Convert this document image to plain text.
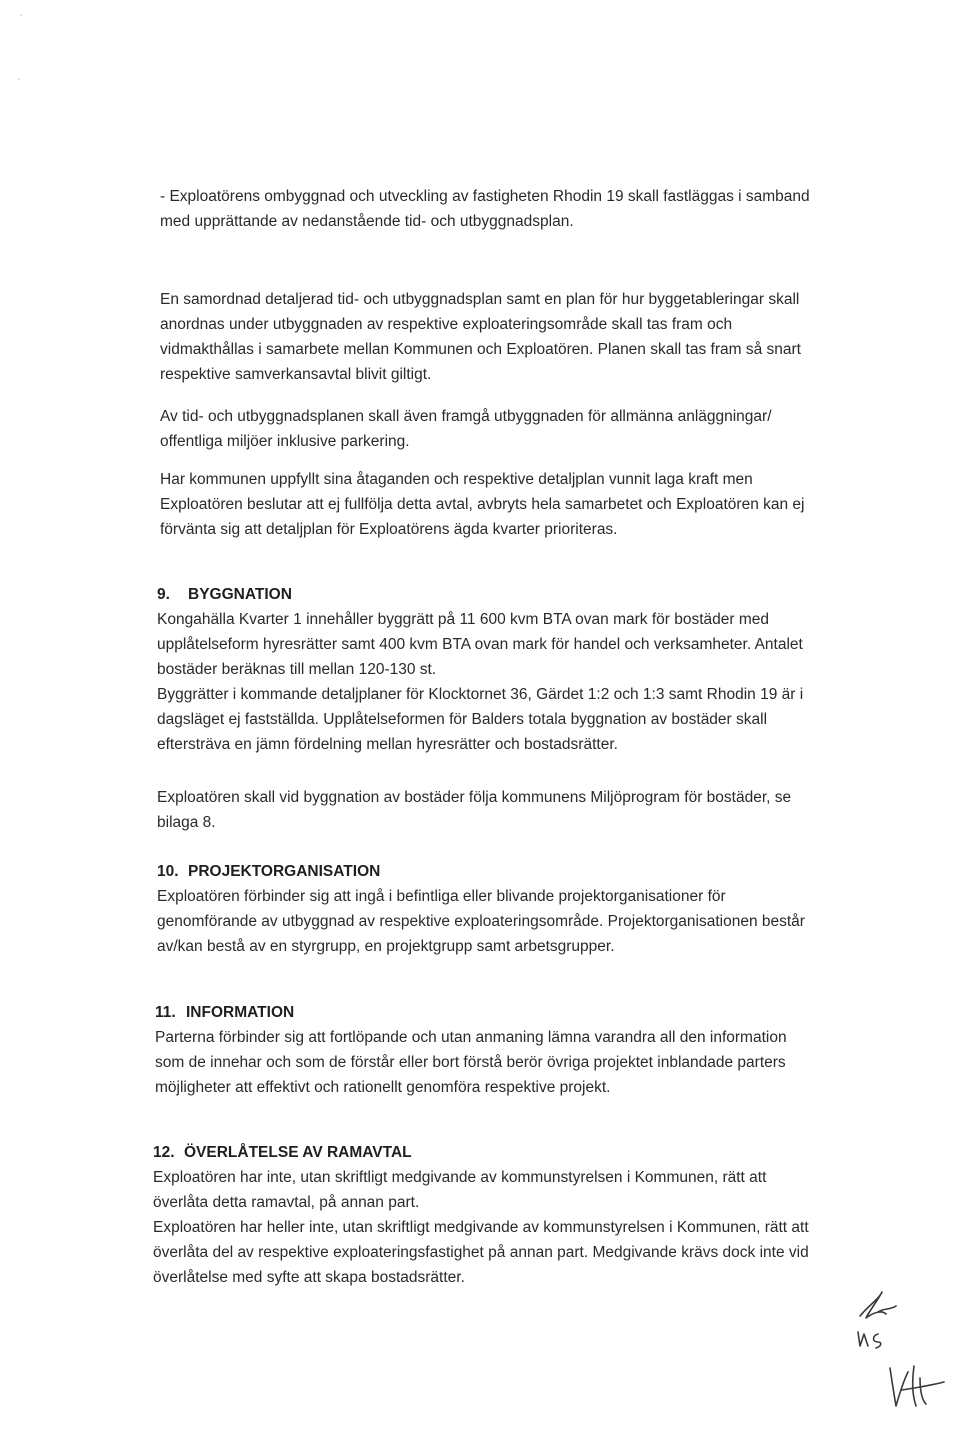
- Exploatörens ombyggnad och utveckling av fastigheten Rhodin 19 skall fastläggas i samband
med upprättande av nedanstående tid- och utbyggnadsplan.

En samordnad detaljerad tid- och utbyggnadsplan samt en plan för hur byggetableringar skall
anordnas under utbyggnaden av respektive exploateringsområde skall tas fram och
vidmakthållas i samarbete mellan Kommunen och Exploatören. Planen skall tas fram så snart
respektive samverkansavtal blivit giltigt.

Av tid- och utbyggnadsplanen skall även framgå utbyggnaden för allmänna anläggningar/
offentliga miljöer inklusive parkering.

Har kommunen uppfyllt sina åtaganden och respektive detaljplan vunnit laga kraft men
Exploatören beslutar att ej fullfölja detta avtal, avbryts hela samarbetet och Exploatören kan ej
förvänta sig att detaljplan för Exploatörens ägda kvarter prioriteras.

9. BYGGNATION

Kongahälla Kvarter 1 innehåller byggrätt på 11 600 kvm BTA ovan mark för bostäder med
upplåtelseform hyresrätter samt 400 kvm BTA ovan mark för handel och verksamheter. Antalet
bostäder beräknas till mellan 120-130 st.
Byggrätter i kommande detaljplaner för Klocktornet 36, Gärdet 1:2 och 1:3 samt Rhodin 19 är i
dagsläget ej fastställda. Upplåtelseformen för Balders totala byggnation av bostäder skall
eftersträva en jämn fördelning mellan hyresrätter och bostadsrätter.

Exploatören skall vid byggnation av bostäder följa kommunens Miljöprogram för bostäder, se
bilaga 8.

10. PROJEKTORGANISATION

Exploatören förbinder sig att ingå i befintliga eller blivande projektorganisationer för
genomförande av utbyggnad av respektive exploateringsområde. Projektorganisationen består
av/kan bestå av en styrgrupp, en projektgrupp samt arbetsgrupper.

11. INFORMATION

Parterna förbinder sig att fortlöpande och utan anmaning lämna varandra all den information
som de innehar och som de förstår eller bort förstå berör övriga projektet inblandade parters
möjligheter att effektivt och rationellt genomföra respektive projekt.

12. ÖVERLÅTELSE AV RAMAVTAL

Exploatören har inte, utan skriftligt medgivande av kommunstyrelsen i Kommunen, rätt att
överlåta detta ramavtal, på annan part.
Exploatören har heller inte, utan skriftligt medgivande av kommunstyrelsen i Kommunen, rätt att
överlåta del av respektive exploateringsfastighet på annan part. Medgivande krävs dock inte vid
överlåtelse med syfte att skapa bostadsrätter.
